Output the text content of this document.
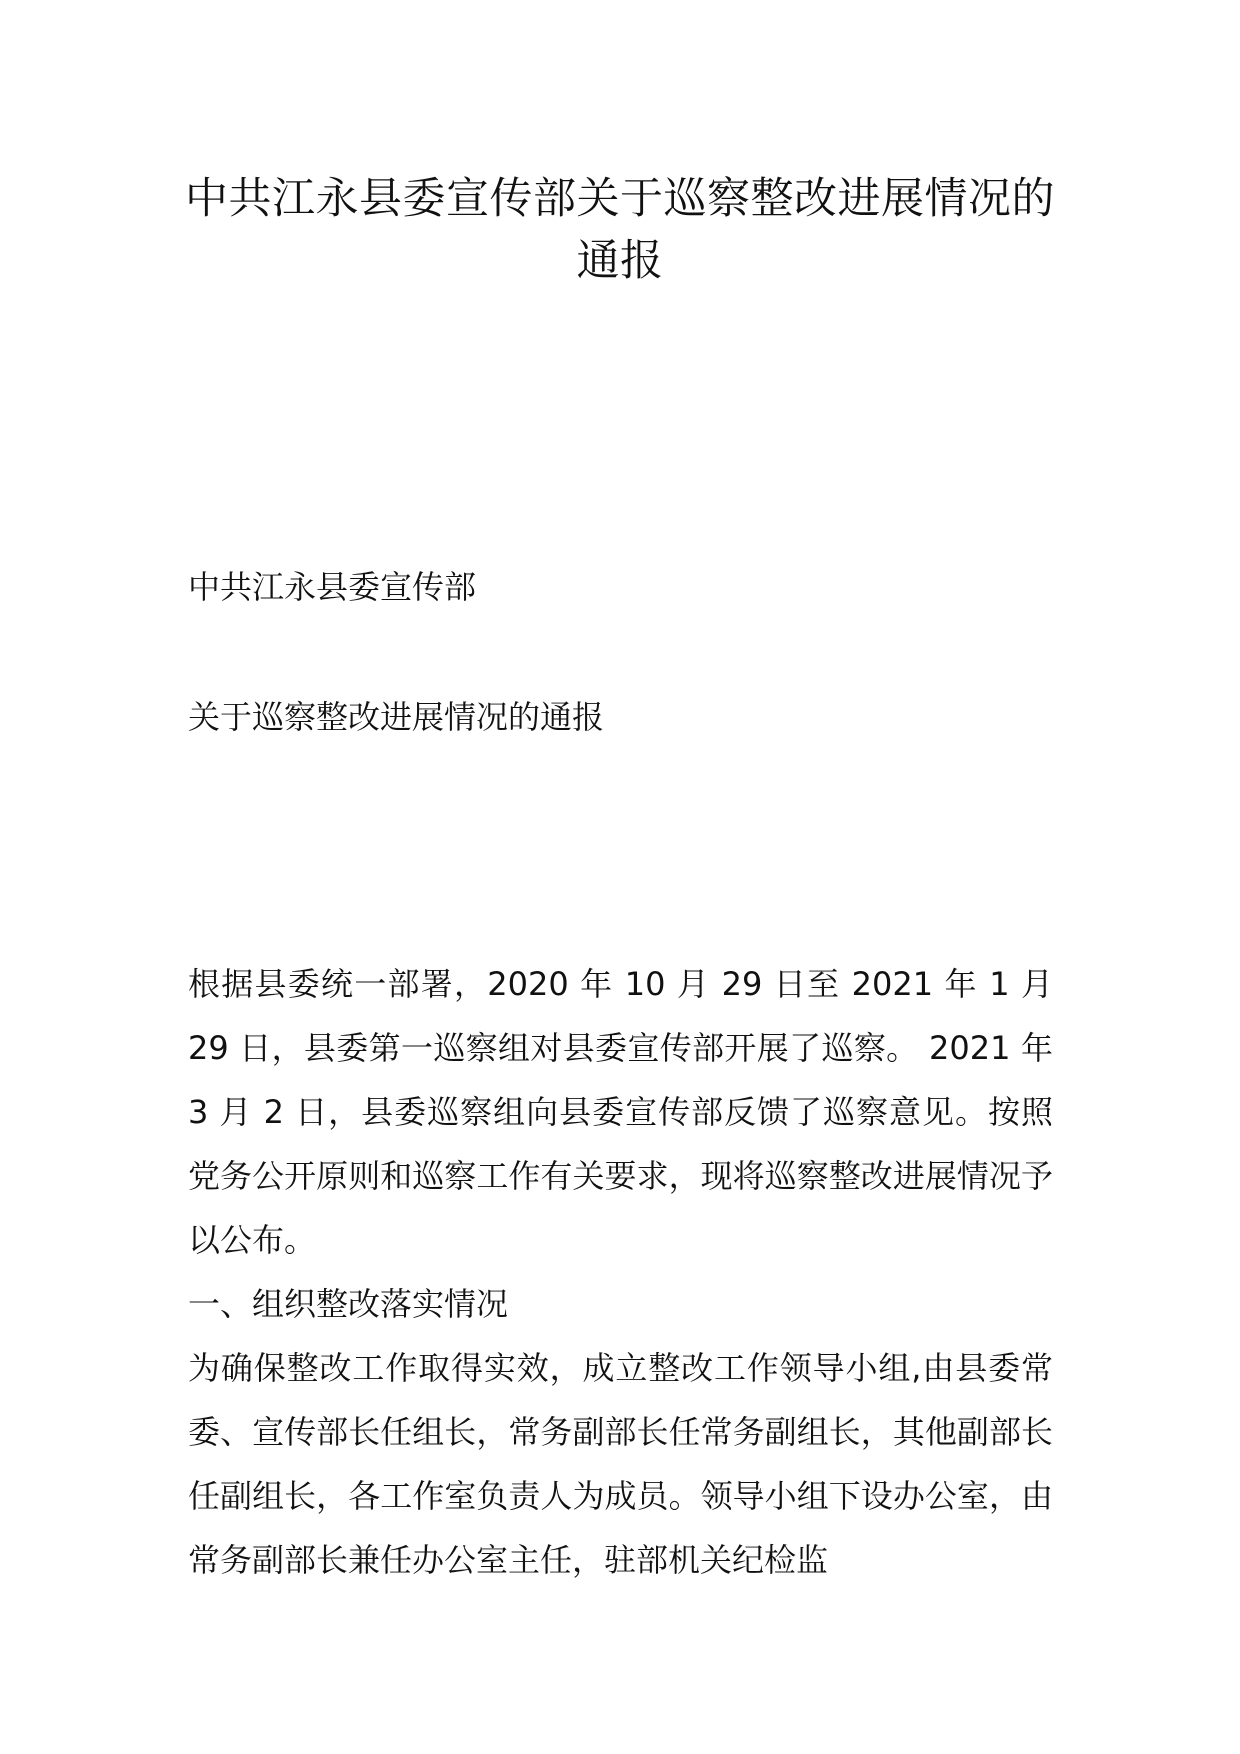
中共江永县委宣传部关于巡察整改进展情况的通报
中共江永县委宣传部
关于巡察整改进展情况的通报

根据县委统一部署，2020 年 10 月 29 日至 2021 年 1 月 29 日，县委第一巡察组对县委宣传部开展了巡察。 2021 年 3 月 2 日，县委巡察组向县委宣传部反馈了巡察意见。按照党务公开原则和巡察工作有关要求，现将巡察整改进展情况予以公布。

一、组织整改落实情况

为确保整改工作取得实效，成立整改工作领导小组,由县委常委、宣传部长任组长，常务副部长任常务副组长，其他副部长任副组长，各工作室负责人为成员。领导小组下设办公室，由常务副部长兼任办公室主任，驻部机关纪检监
